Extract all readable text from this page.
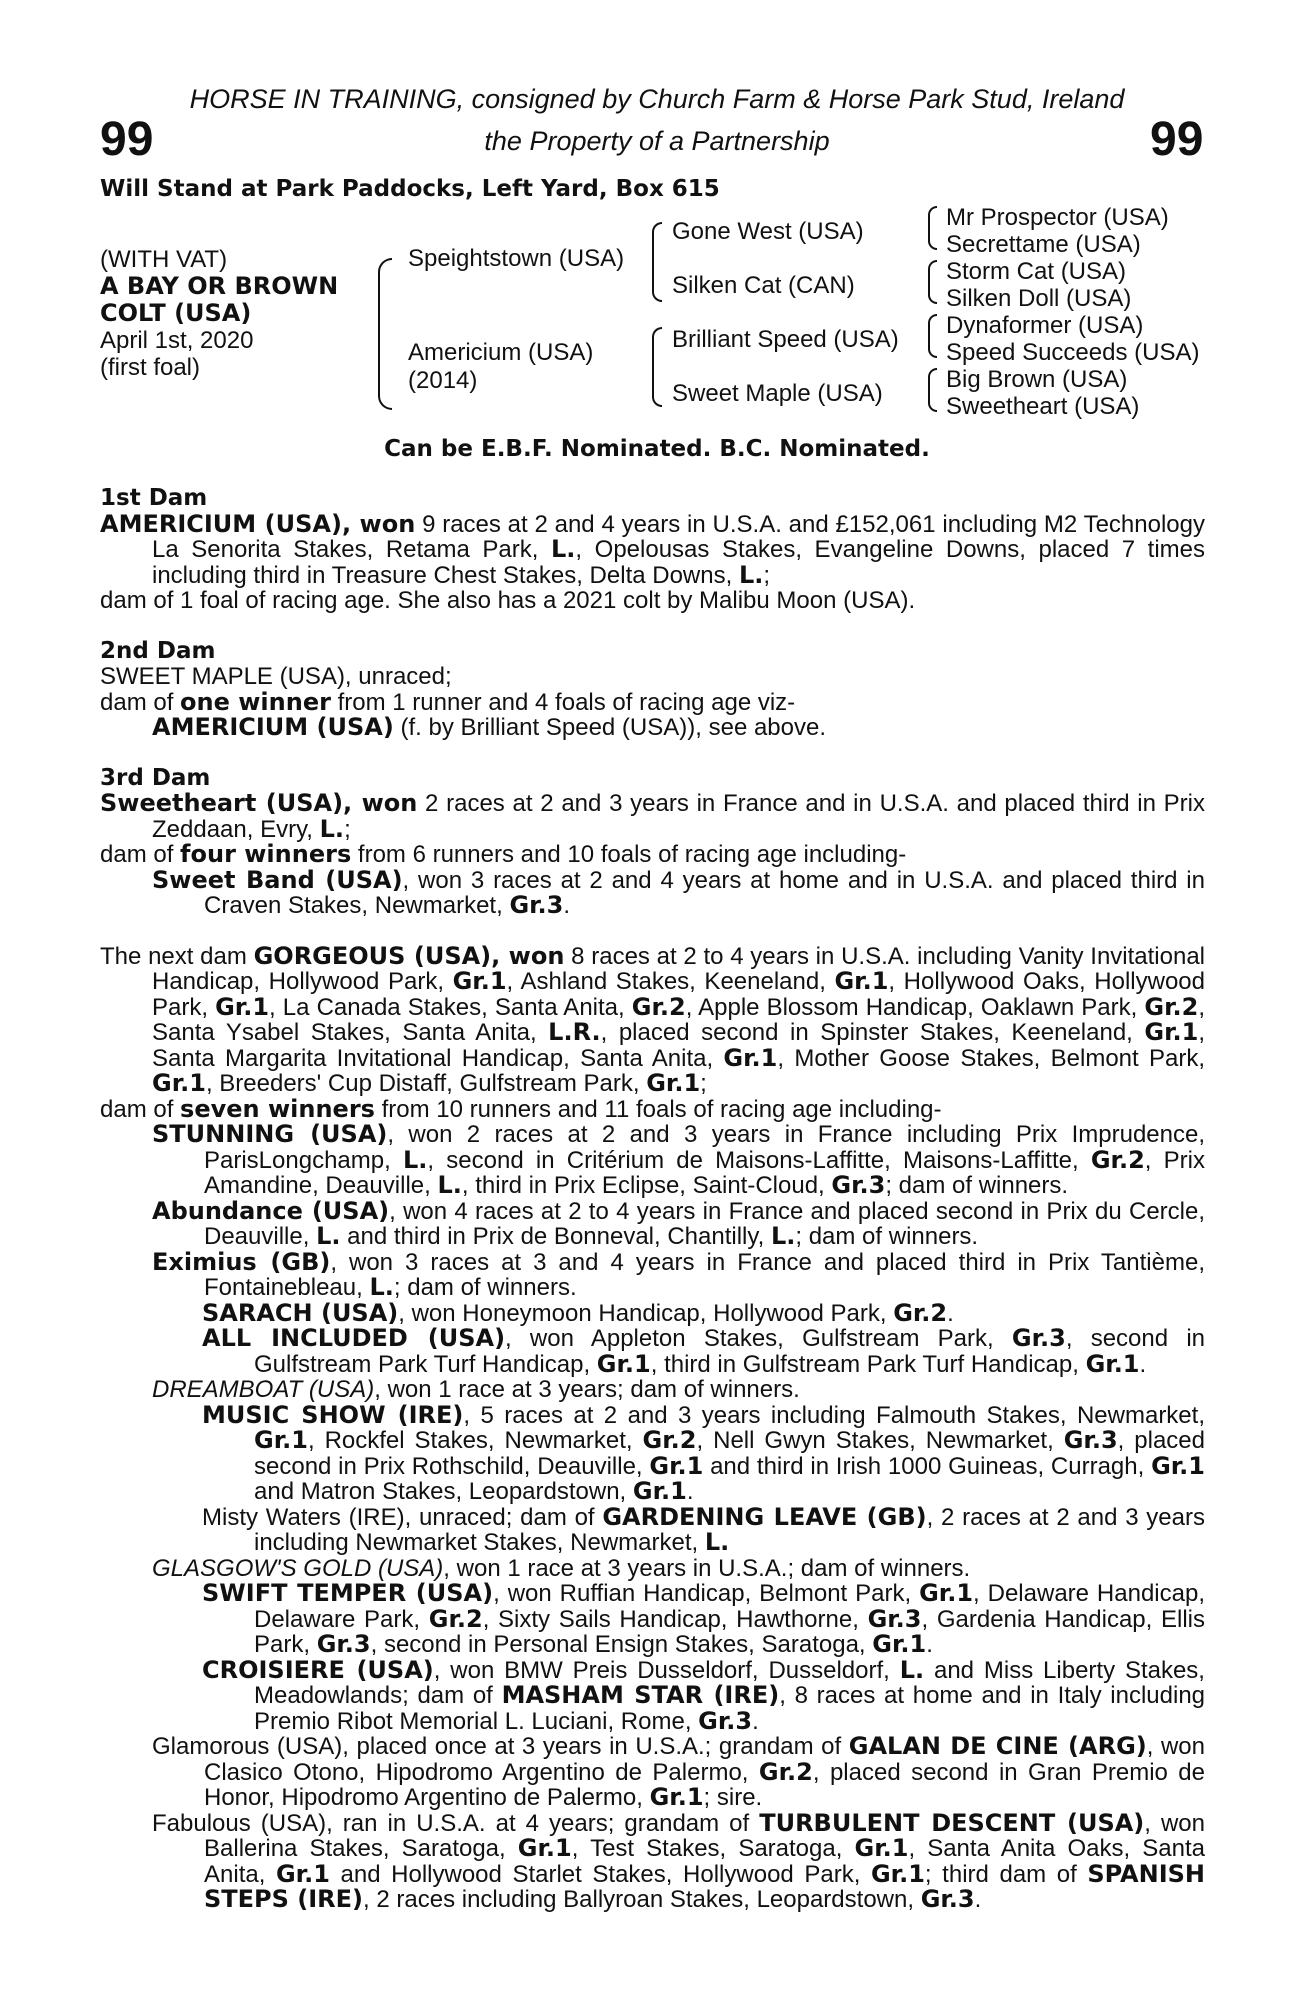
HORSE IN TRAINING, consigned by Church Farm & Horse Park Stud, Ireland
99	the Property of a Partnership	99
Will Stand at Park Paddocks, Left Yard, Box 615
(WITH VAT)
A BAY OR BROWN
COLT (USA)
April 1st, 2020
(first foal)
Speightstown (USA)
Americium (USA)
(2014)
Gone West (USA)
Silken Cat (CAN)
Brilliant Speed (USA)
Sweet Maple (USA)
Mr Prospector (USA)
Secrettame (USA)
Storm Cat (USA)
Silken Doll (USA)
Dynaformer (USA)
Speed Succeeds (USA)
Big Brown (USA)
Sweetheart (USA)
Can be E.B.F. Nominated. B.C. Nominated.

1st Dam

AMERICIUM (USA), won 9 races at 2 and 4 years in U.S.A. and £152,061 including M2 Technology La Senorita Stakes, Retama Park, L., Opelousas Stakes, Evangeline Downs, placed 7 times including third in Treasure Chest Stakes, Delta Downs, L.;

dam of 1 foal of racing age. She also has a 2021 colt by Malibu Moon (USA).

2nd Dam

SWEET MAPLE (USA), unraced;

dam of one winner from 1 runner and 4 foals of racing age viz-

AMERICIUM (USA) (f. by Brilliant Speed (USA)), see above.

3rd Dam

Sweetheart (USA), won 2 races at 2 and 3 years in France and in U.S.A. and placed third in Prix Zeddaan, Evry, L.;

dam of four winners from 6 runners and 10 foals of racing age including-

Sweet Band (USA), won 3 races at 2 and 4 years at home and in U.S.A. and placed third in Craven Stakes, Newmarket, Gr.3.

The next dam GORGEOUS (USA), won 8 races at 2 to 4 years in U.S.A. including Vanity Invitational Handicap, Hollywood Park, Gr.1, Ashland Stakes, Keeneland, Gr.1, Hollywood Oaks, Hollywood Park, Gr.1, La Canada Stakes, Santa Anita, Gr.2, Apple Blossom Handicap, Oaklawn Park, Gr.2, Santa Ysabel Stakes, Santa Anita, L.R., placed second in Spinster Stakes, Keeneland, Gr.1, Santa Margarita Invitational Handicap, Santa Anita, Gr.1, Mother Goose Stakes, Belmont Park, Gr.1, Breeders' Cup Distaff, Gulfstream Park, Gr.1;

dam of seven winners from 10 runners and 11 foals of racing age including-

STUNNING (USA), won 2 races at 2 and 3 years in France including Prix Imprudence, ParisLongchamp, L., second in Critérium de Maisons-Laffitte, Maisons-Laffitte, Gr.2, Prix Amandine, Deauville, L., third in Prix Eclipse, Saint-Cloud, Gr.3; dam of winners.

Abundance (USA), won 4 races at 2 to 4 years in France and placed second in Prix du Cercle, Deauville, L. and third in Prix de Bonneval, Chantilly, L.; dam of winners.

Eximius (GB), won 3 races at 3 and 4 years in France and placed third in Prix Tantième, Fontainebleau, L.; dam of winners.

SARACH (USA), won Honeymoon Handicap, Hollywood Park, Gr.2.

ALL INCLUDED (USA), won Appleton Stakes, Gulfstream Park, Gr.3, second in Gulfstream Park Turf Handicap, Gr.1, third in Gulfstream Park Turf Handicap, Gr.1.

DREAMBOAT (USA), won 1 race at 3 years; dam of winners.

MUSIC SHOW (IRE), 5 races at 2 and 3 years including Falmouth Stakes, Newmarket, Gr.1, Rockfel Stakes, Newmarket, Gr.2, Nell Gwyn Stakes, Newmarket, Gr.3, placed second in Prix Rothschild, Deauville, Gr.1 and third in Irish 1000 Guineas, Curragh, Gr.1 and Matron Stakes, Leopardstown, Gr.1.

Misty Waters (IRE), unraced; dam of GARDENING LEAVE (GB), 2 races at 2 and 3 years including Newmarket Stakes, Newmarket, L.

GLASGOW'S GOLD (USA), won 1 race at 3 years in U.S.A.; dam of winners.

SWIFT TEMPER (USA), won Ruffian Handicap, Belmont Park, Gr.1, Delaware Handicap, Delaware Park, Gr.2, Sixty Sails Handicap, Hawthorne, Gr.3, Gardenia Handicap, Ellis Park, Gr.3, second in Personal Ensign Stakes, Saratoga, Gr.1.

CROISIERE (USA), won BMW Preis Dusseldorf, Dusseldorf, L. and Miss Liberty Stakes, Meadowlands; dam of MASHAM STAR (IRE), 8 races at home and in Italy including Premio Ribot Memorial L. Luciani, Rome, Gr.3.

Glamorous (USA), placed once at 3 years in U.S.A.; grandam of GALAN DE CINE (ARG), won Clasico Otono, Hipodromo Argentino de Palermo, Gr.2, placed second in Gran Premio de Honor, Hipodromo Argentino de Palermo, Gr.1; sire.

Fabulous (USA), ran in U.S.A. at 4 years; grandam of TURBULENT DESCENT (USA), won Ballerina Stakes, Saratoga, Gr.1, Test Stakes, Saratoga, Gr.1, Santa Anita Oaks, Santa Anita, Gr.1 and Hollywood Starlet Stakes, Hollywood Park, Gr.1; third dam of SPANISH STEPS (IRE), 2 races including Ballyroan Stakes, Leopardstown, Gr.3.
